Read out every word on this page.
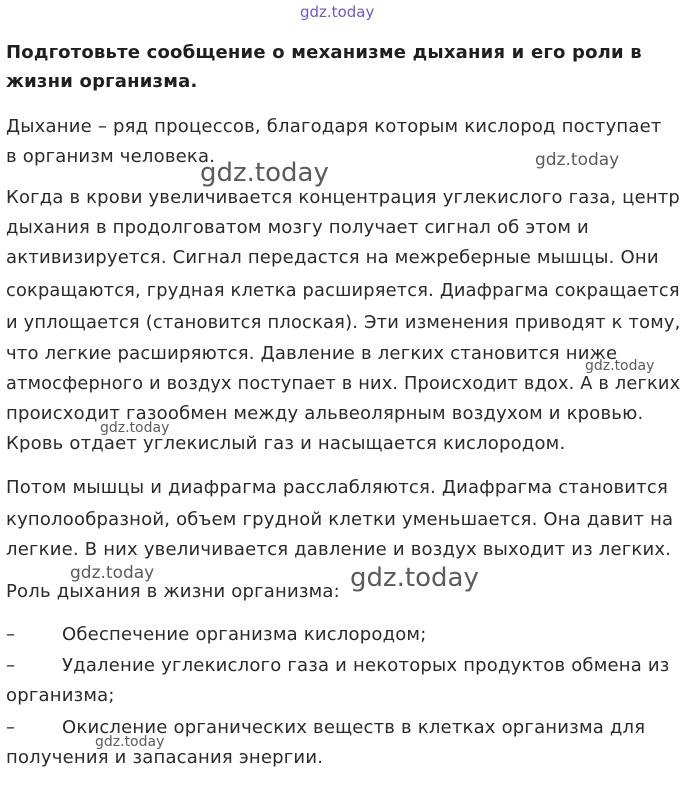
gdz.today
gdz.today
gdz.today
gdz.today
gdz.today
gdz.today	gdz.today
gdz.today
Подготовьте сообщение о механизме дыхания и его роли в
жизни организма.
Дыхание – ряд процессов, благодаря которым кислород поступает
в организм человека.
Когда в крови увеличивается концентрация углекислого газа, центр
дыхания в продолговатом мозгу получает сигнал об этом и
активизируется. Сигнал передастся на межреберные мышцы. Они
сокращаются, грудная клетка расширяется. Диафрагма сокращается
и уплощается (становится плоская). Эти изменения приводят к тому,
что легкие расширяются. Давление в легких становится ниже
атмосферного и воздух поступает в них. Происходит вдох. А в легких
происходит газообмен между альвеолярным воздухом и кровью.
Кровь отдает углекислый газ и насыщается кислородом.
Потом мышцы и диафрагма расслабляются. Диафрагма становится
куполообразной, объем грудной клетки уменьшается. Она давит на
легкие. В них увеличивается давление и воздух выходит из легких.
Роль дыхания в жизни организма:
–	Обеспечение организма кислородом;
–	Удаление углекислого газа и некоторых продуктов обмена из
организма;
–	Окисление органических веществ в клетках организма для
получения и запасания энергии.
